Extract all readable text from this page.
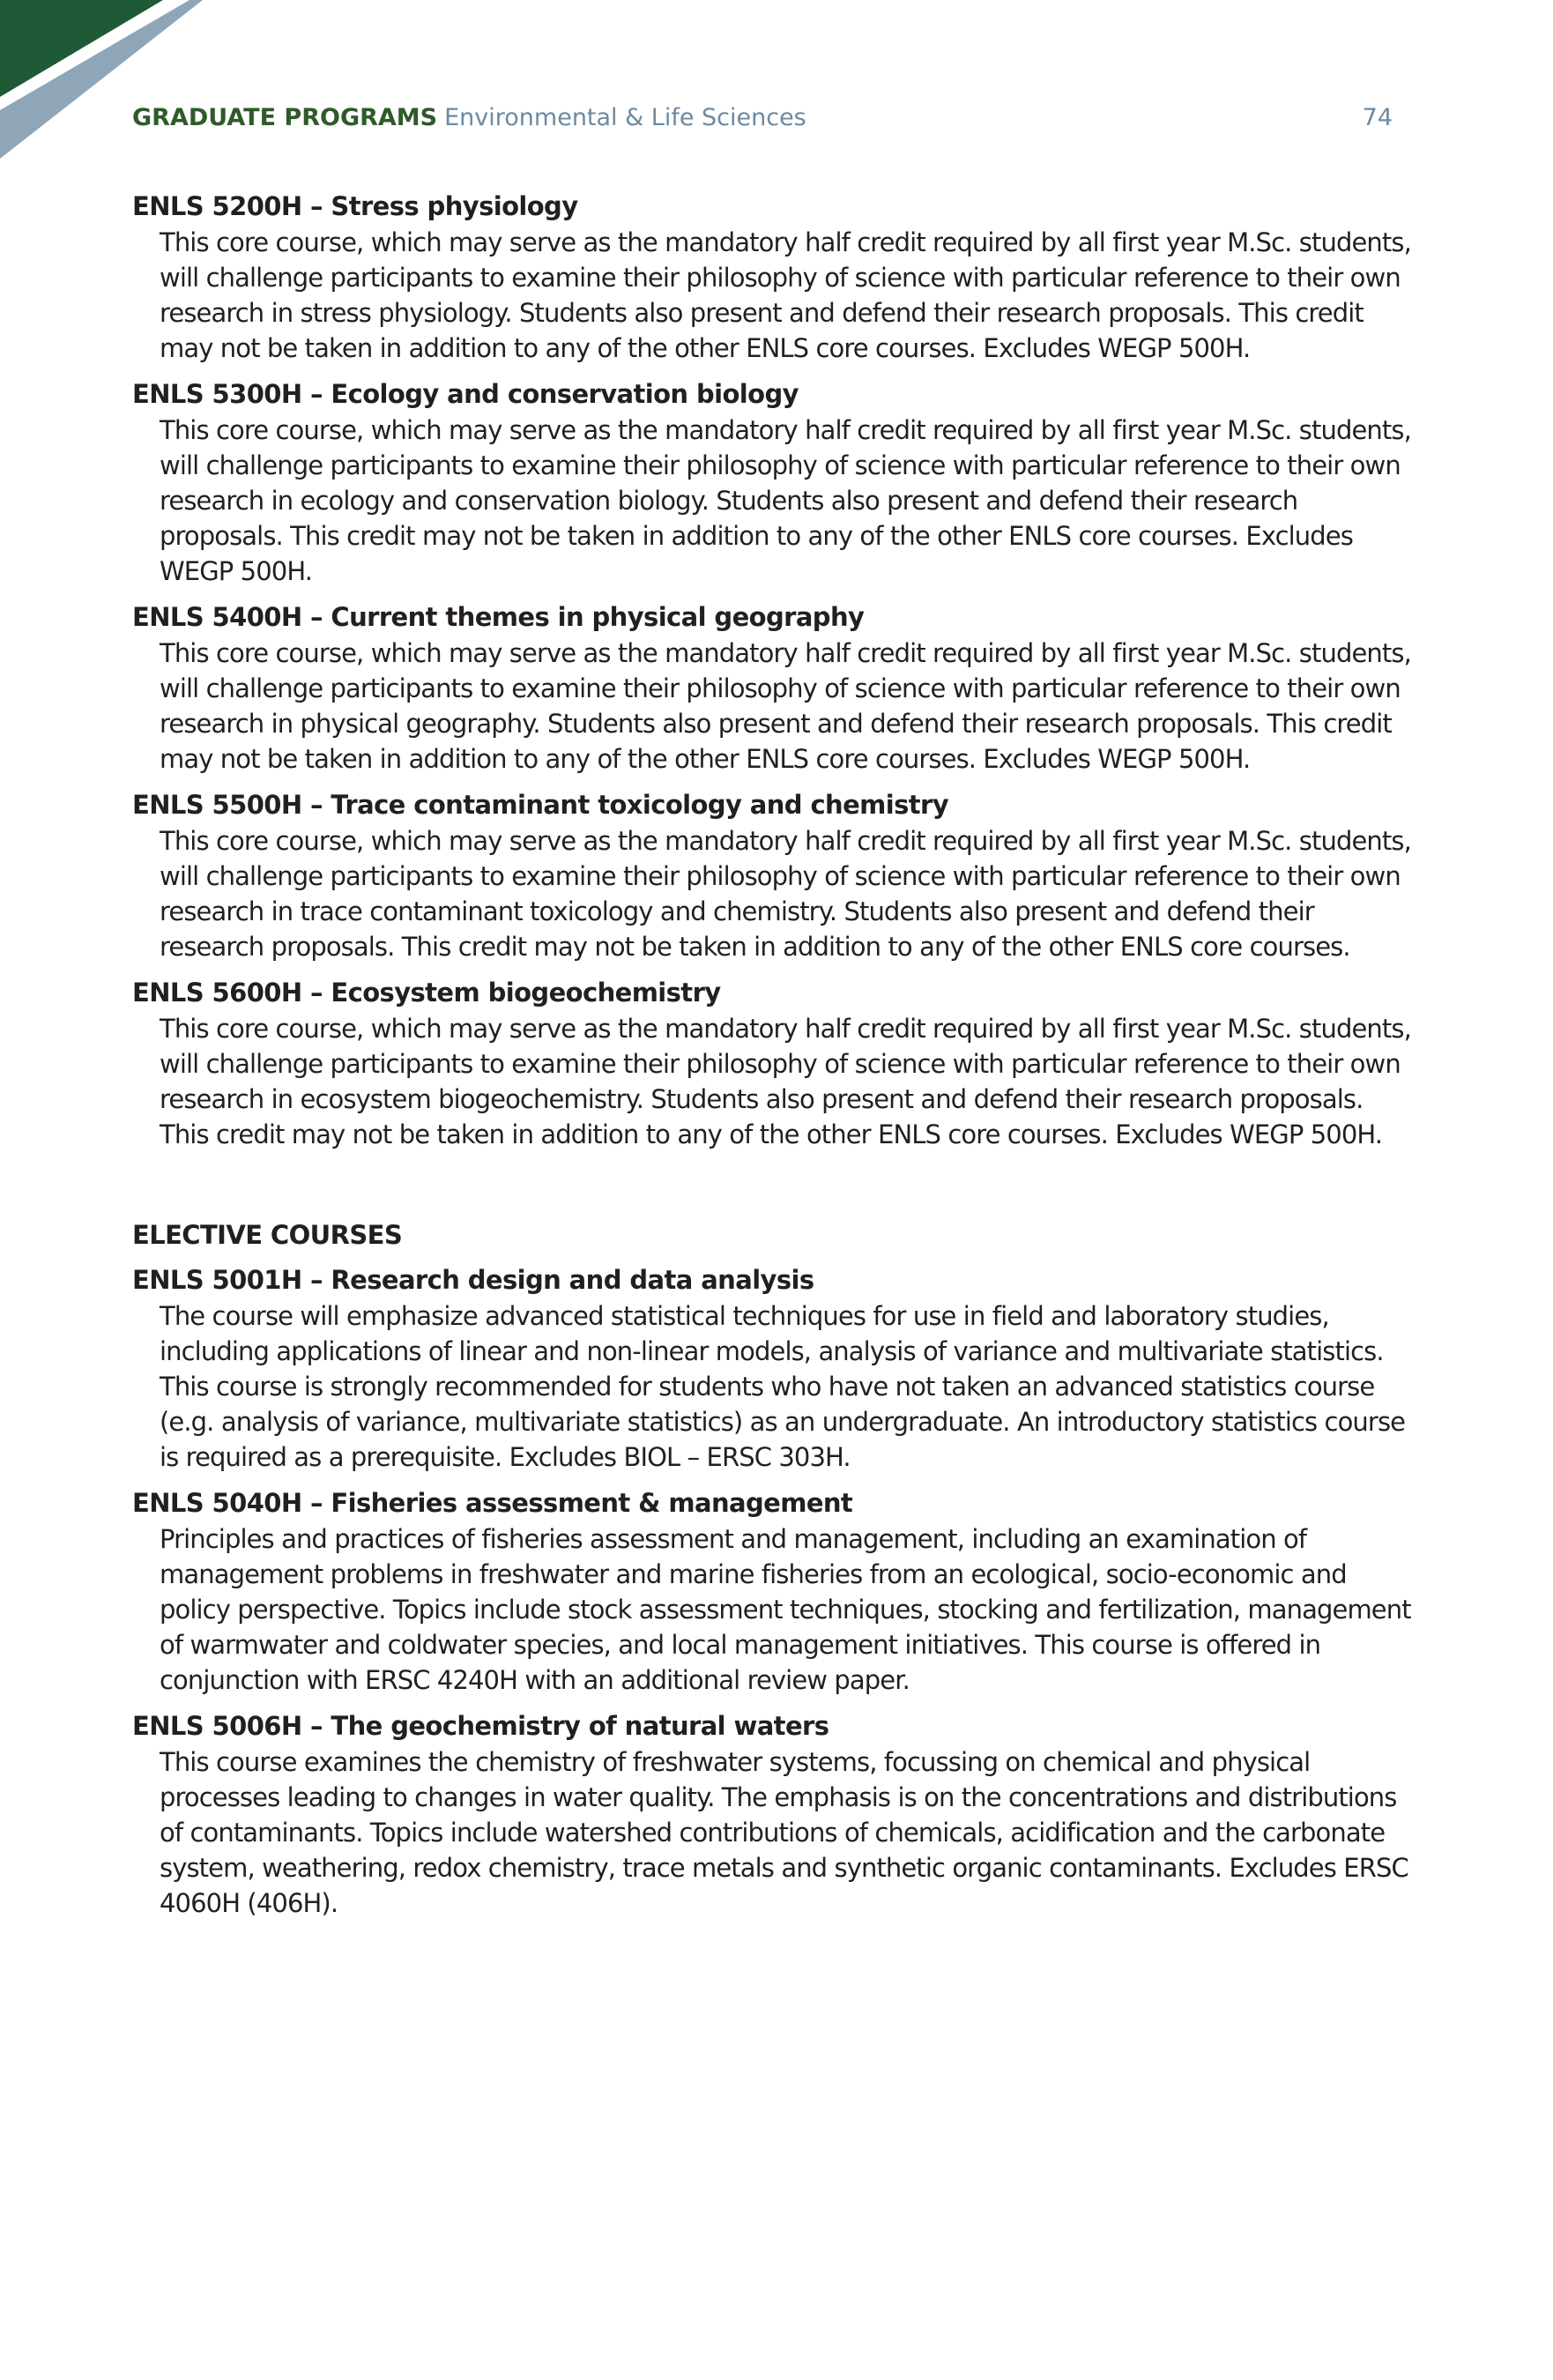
GRADUATE PROGRAMS Environmental & Life Sciences	74

ENLS 5200H – Stress physiology

This core course, which may serve as the mandatory half credit required by all first year M.Sc. students, will challenge participants to examine their philosophy of science with particular reference to their own research in stress physiology. Students also present and defend their research proposals. This credit may not be taken in addition to any of the other ENLS core courses. Excludes WEGP 500H.

ENLS 5300H – Ecology and conservation biology

This core course, which may serve as the mandatory half credit required by all first year M.Sc. students, will challenge participants to examine their philosophy of science with particular reference to their own research in ecology and conservation biology. Students also present and defend their research proposals. This credit may not be taken in addition to any of the other ENLS core courses. Excludes WEGP 500H.

ENLS 5400H – Current themes in physical geography

This core course, which may serve as the mandatory half credit required by all first year M.Sc. students, will challenge participants to examine their philosophy of science with particular reference to their own research in physical geography. Students also present and defend their research proposals. This credit may not be taken in addition to any of the other ENLS core courses. Excludes WEGP 500H.

ENLS 5500H – Trace contaminant toxicology and chemistry

This core course, which may serve as the mandatory half credit required by all first year M.Sc. students, will challenge participants to examine their philosophy of science with particular reference to their own research in trace contaminant toxicology and chemistry. Students also present and defend their research proposals. This credit may not be taken in addition to any of the other ENLS core courses.

ENLS 5600H – Ecosystem biogeochemistry

This core course, which may serve as the mandatory half credit required by all first year M.Sc. students, will challenge participants to examine their philosophy of science with particular reference to their own research in ecosystem biogeochemistry. Students also present and defend their research proposals. This credit may not be taken in addition to any of the other ENLS core courses. Excludes WEGP 500H.

ELECTIVE COURSES

ENLS 5001H – Research design and data analysis

The course will emphasize advanced statistical techniques for use in field and laboratory studies, including applications of linear and non-linear models, analysis of variance and multivariate statistics. This course is strongly recommended for students who have not taken an advanced statistics course (e.g. analysis of variance, multivariate statistics) as an undergraduate. An introductory statistics course is required as a prerequisite. Excludes BIOL – ERSC 303H.

ENLS 5040H – Fisheries assessment & management

Principles and practices of fisheries assessment and management, including an examination of management problems in freshwater and marine fisheries from an ecological, socio-economic and policy perspective. Topics include stock assessment techniques, stocking and fertilization, management of warmwater and coldwater species, and local management initiatives. This course is offered in conjunction with ERSC 4240H with an additional review paper.

ENLS 5006H – The geochemistry of natural waters

This course examines the chemistry of freshwater systems, focussing on chemical and physical processes leading to changes in water quality. The emphasis is on the concentrations and distributions of contaminants. Topics include watershed contributions of chemicals, acidification and the carbonate system, weathering, redox chemistry, trace metals and synthetic organic contaminants. Excludes ERSC 4060H (406H).
